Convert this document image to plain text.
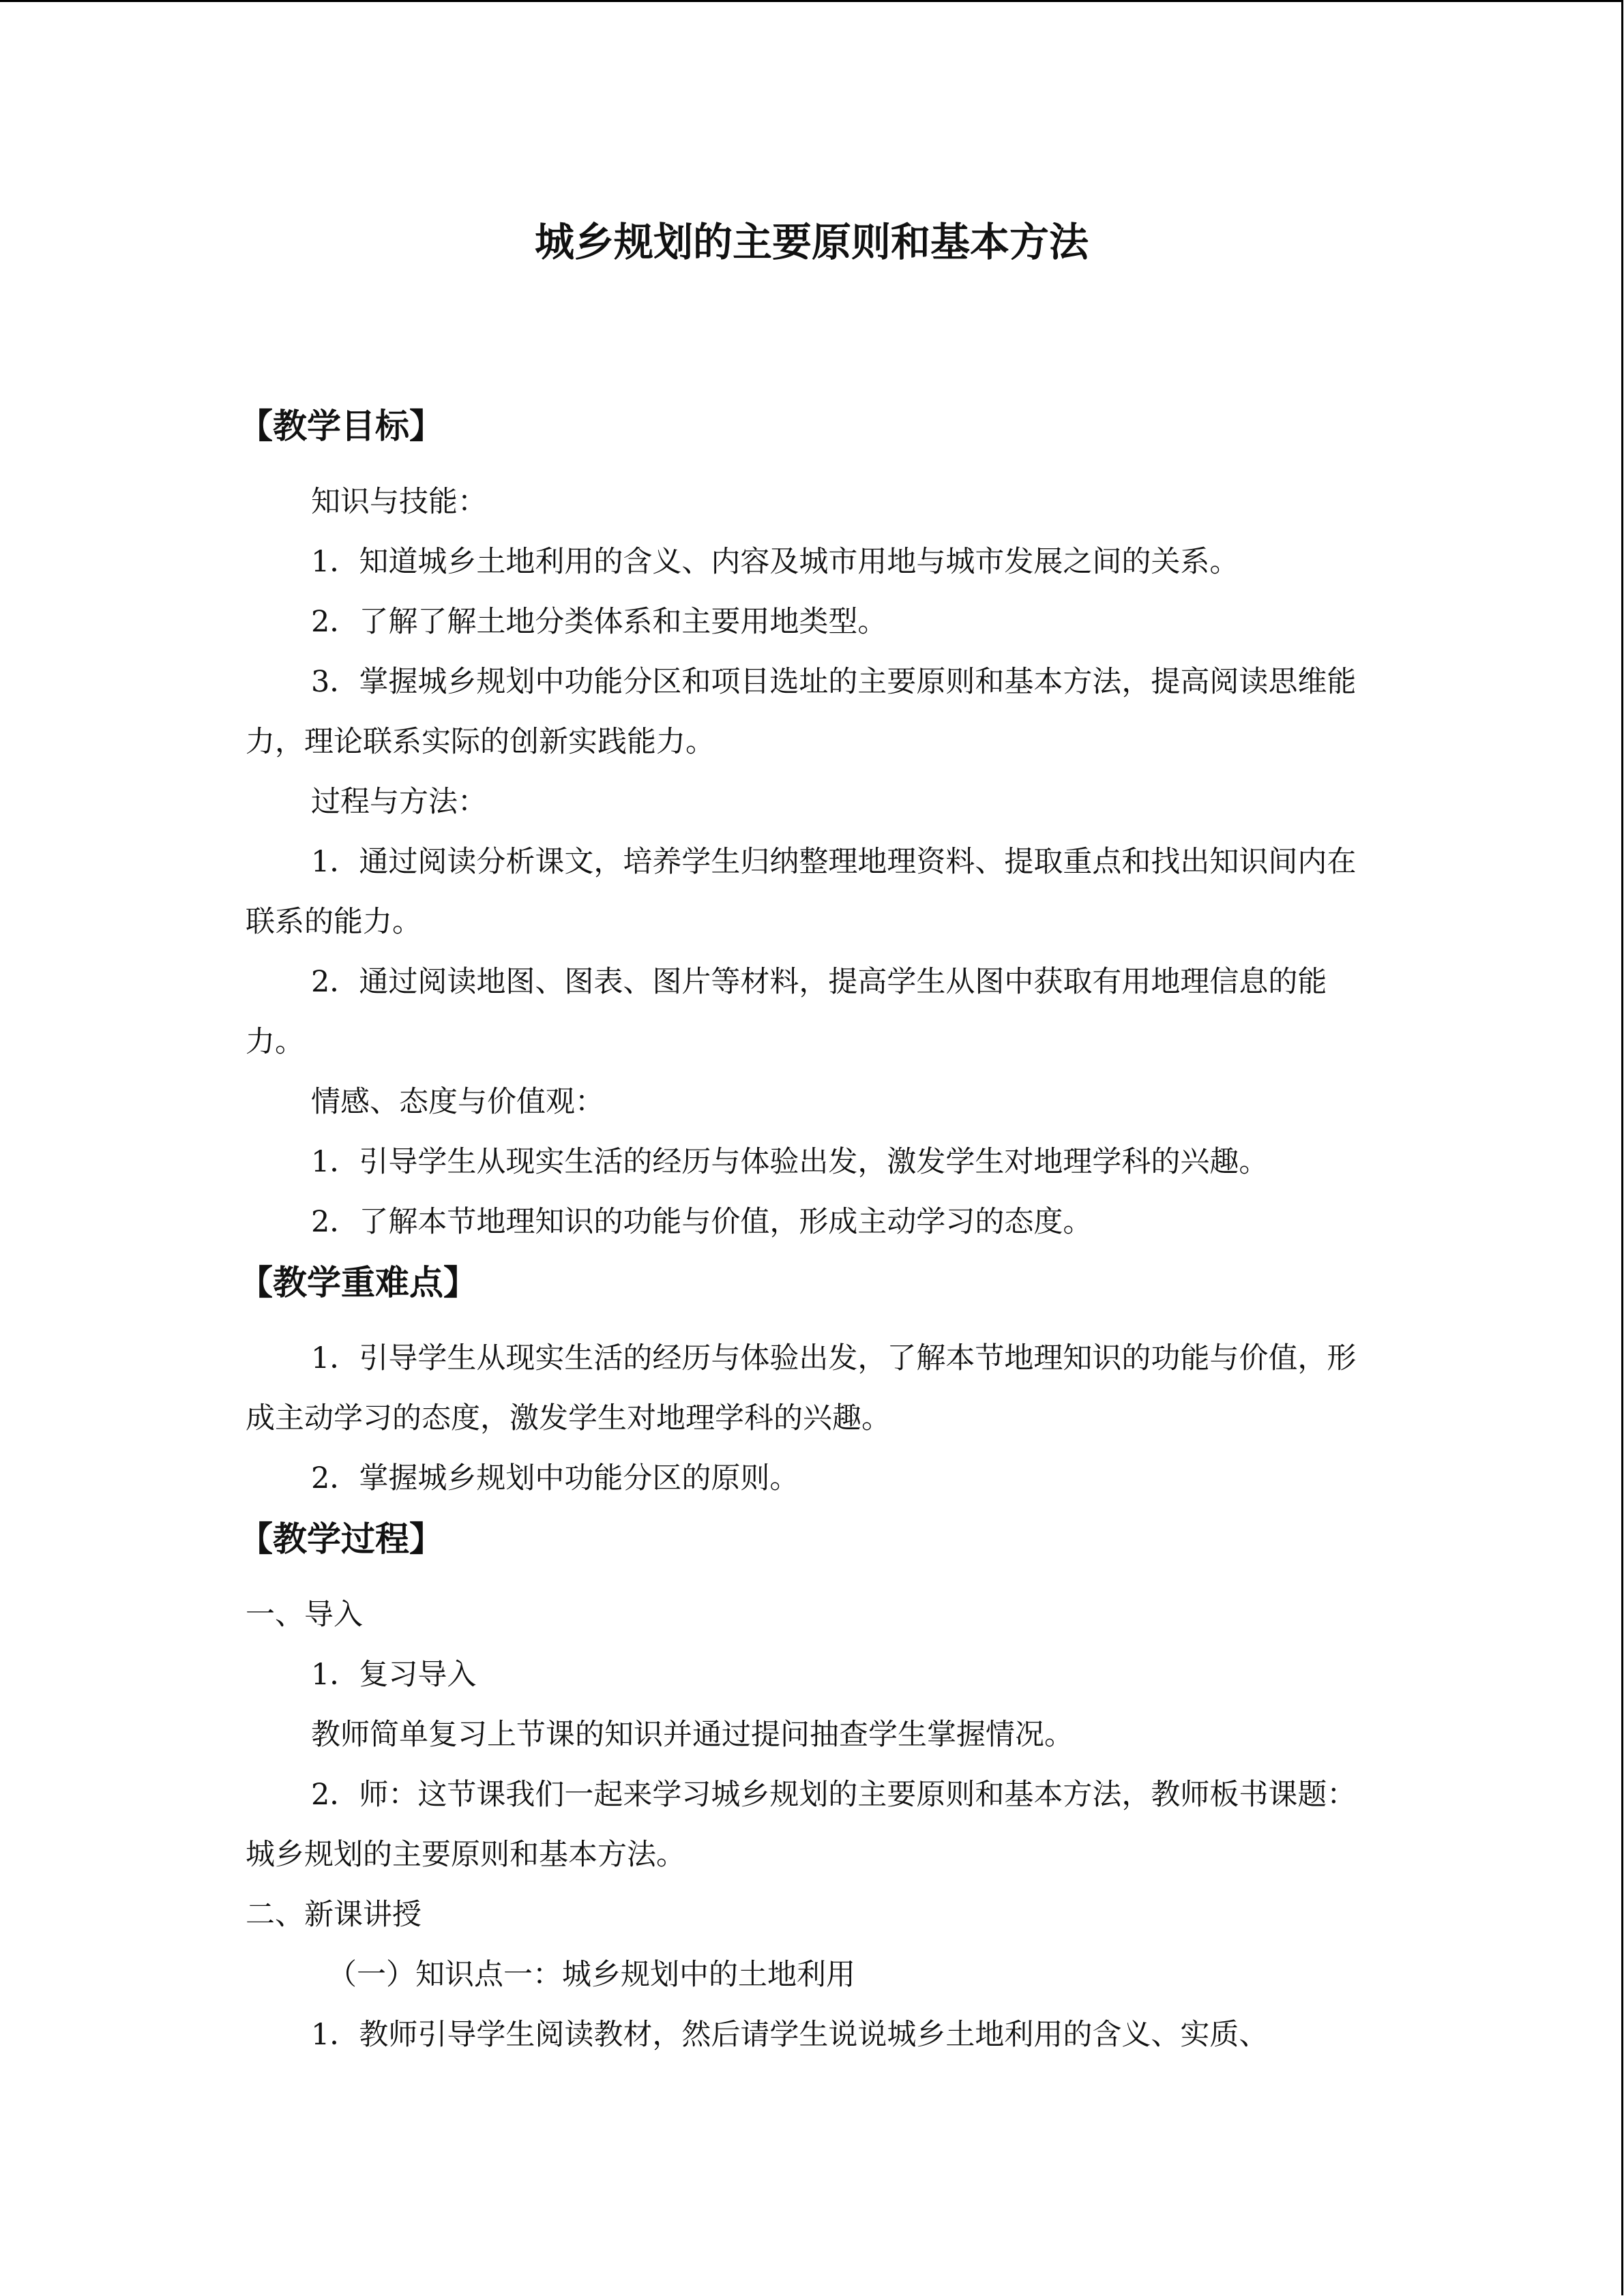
城乡规划的主要原则和基本方法
【教学目标】

知识与技能：

1．知道城乡土地利用的含义、内容及城市用地与城市发展之间的关系。

2．了解了解土地分类体系和主要用地类型。

3．掌握城乡规划中功能分区和项目选址的主要原则和基本方法，提高阅读思维能力，理论联系实际的创新实践能力。

过程与方法：

1．通过阅读分析课文，培养学生归纳整理地理资料、提取重点和找出知识间内在联系的能力。

2．通过阅读地图、图表、图片等材料，提高学生从图中获取有用地理信息的能力。

情感、态度与价值观：

1．引导学生从现实生活的经历与体验出发，激发学生对地理学科的兴趣。

2．了解本节地理知识的功能与价值，形成主动学习的态度。

【教学重难点】

1．引导学生从现实生活的经历与体验出发，了解本节地理知识的功能与价值，形成主动学习的态度，激发学生对地理学科的兴趣。

2．掌握城乡规划中功能分区的原则。

【教学过程】

一、导入

1．复习导入

教师简单复习上节课的知识并通过提问抽查学生掌握情况。

2．师：这节课我们一起来学习城乡规划的主要原则和基本方法，教师板书课题：城乡规划的主要原则和基本方法。

二、新课讲授

（一）知识点一：城乡规划中的土地利用

1．教师引导学生阅读教材，然后请学生说说城乡土地利用的含义、实质、
